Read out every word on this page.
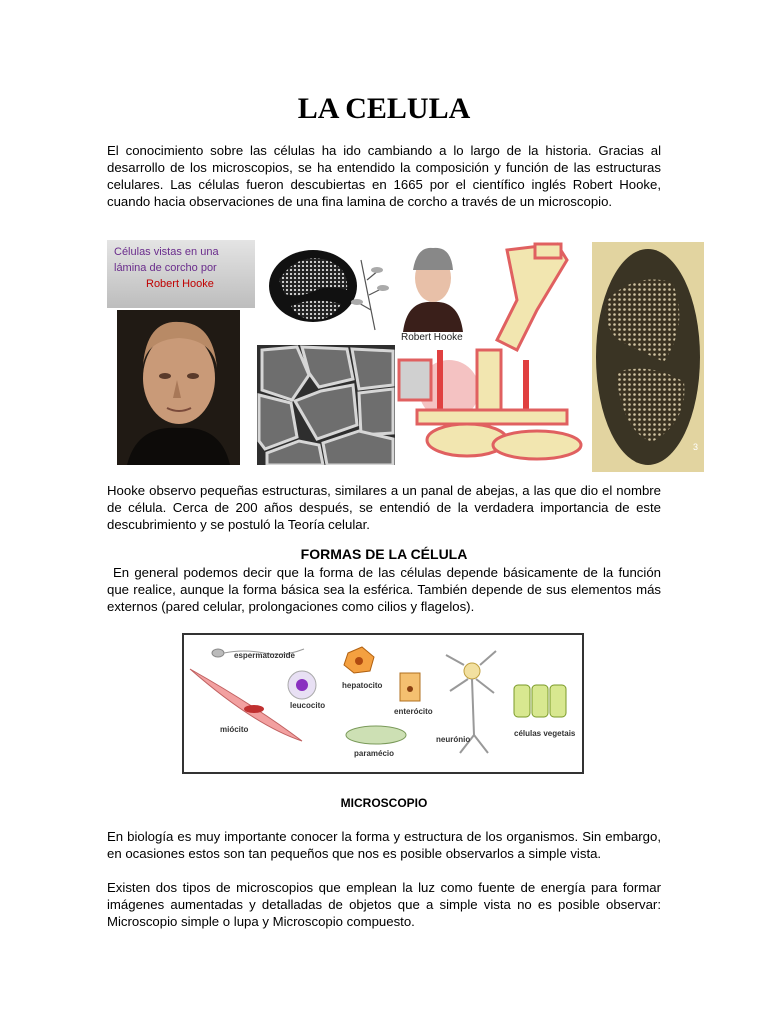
LA CELULA

El conocimiento sobre las células ha ido cambiando a lo largo de la historia. Gracias al desarrollo de los microscopios, se ha entendido la composición y función de las estructuras celulares. Las células fueron descubiertas en 1665 por el científico inglés Robert Hooke, cuando hacia observaciones de una fina lamina de corcho a través de un microscopio.

Células vistas en una
lámina de corcho por
Robert Hooke
Robert Hooke
3

Hooke observo pequeñas estructuras, similares a un panal de abejas, a las que dio el nombre de célula. Cerca de 200 años después, se entendió de la verdadera importancia de este descubrimiento y se postuló la Teoría celular.

FORMAS DE LA CÉLULA

En general podemos decir que la forma de las células depende básicamente de la función que realice, aunque la forma básica sea la esférica. También depende de sus elementos más externos (pared celular, prolongaciones como cilios y flagelos).

espermatozoide
leucocito
hepatocito
enterócito
miócito
paramécio
neurónio
células vegetais
MICROSCOPIO

En biología es muy importante conocer la forma y estructura de los organismos. Sin embargo, en ocasiones estos son tan pequeños que nos es posible observarlos a simple vista.

Existen dos tipos de microscopios que emplean la luz como fuente de energía para formar imágenes aumentadas y detalladas de objetos que a simple vista no es posible observar: Microscopio simple o lupa y Microscopio compuesto.
